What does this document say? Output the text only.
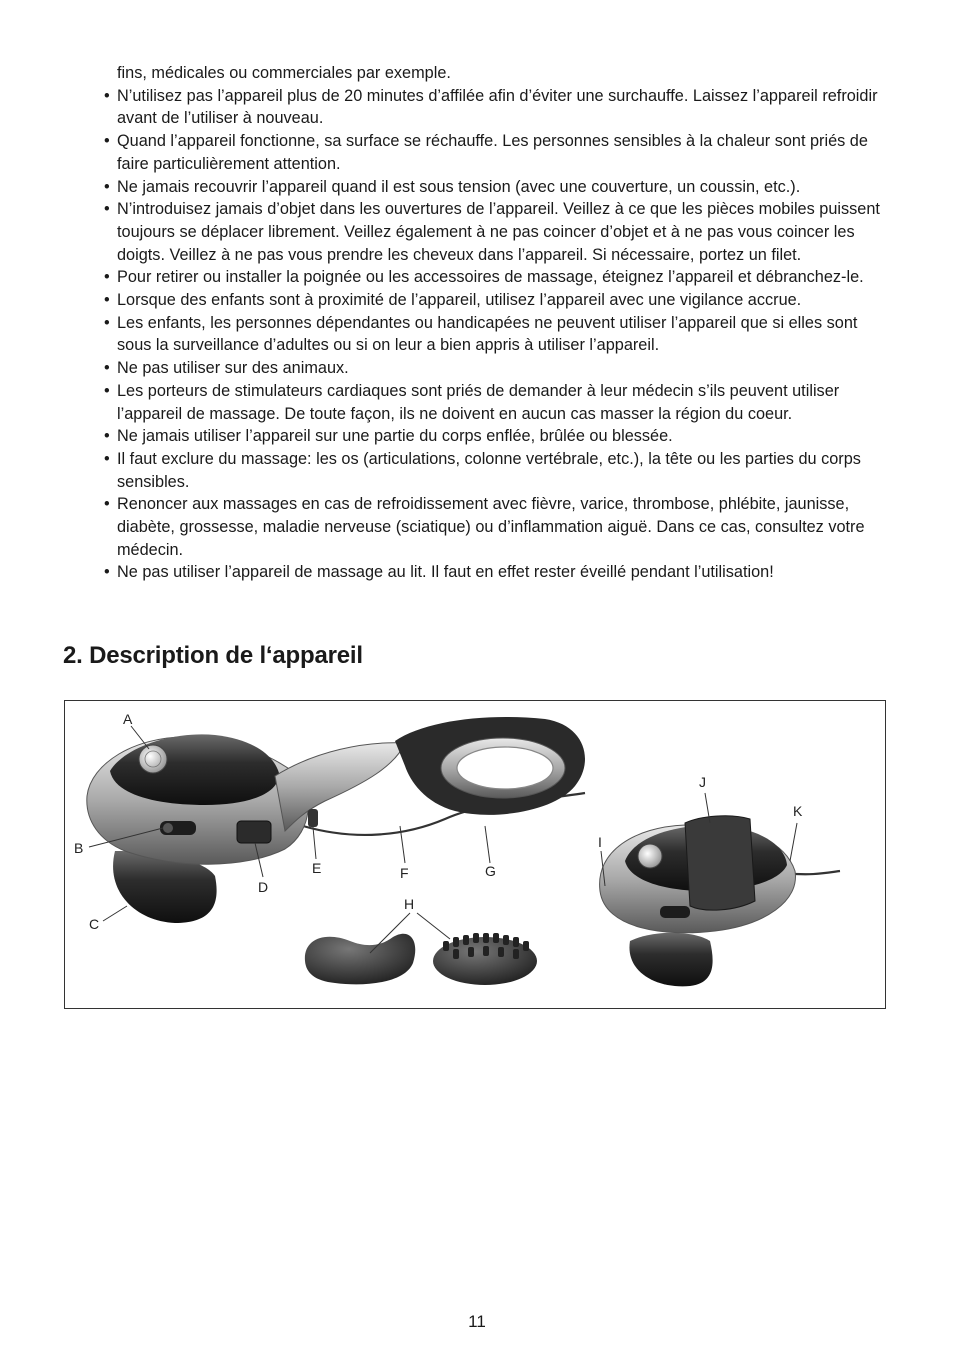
fins, médicales ou commerciales par exemple.
• N’utilisez pas l’appareil plus de 20 minutes d’affilée afin d’éviter une surchauffe. Laissez l’appareil refroidir avant de l’utiliser à nouveau.
• Quand l’appareil fonctionne, sa surface se réchauffe. Les personnes sensibles à la chaleur sont priés de faire particulièrement attention.
• Ne jamais recouvrir l’appareil quand il est sous tension (avec une couverture, un coussin, etc.).
• N’introduisez jamais d’objet dans les ouvertures de l’appareil. Veillez à ce que les pièces mobiles puissent toujours se déplacer librement. Veillez également à ne pas coincer d’objet et à ne pas vous coincer les doigts. Veillez à ne pas vous prendre les cheveux dans l’appareil. Si nécessaire, portez un filet.
• Pour retirer ou installer la poignée ou les accessoires de massage, éteignez l’appareil et débranchez-le.
• Lorsque des enfants sont à proximité de l’appareil, utilisez l’appareil avec une vigilance accrue.
• Les enfants, les personnes dépendantes ou handicapées ne peuvent utiliser l’appareil que si elles sont sous la surveillance d’adultes ou si on leur a bien appris à utiliser l’appareil.
• Ne pas utiliser sur des animaux.
• Les porteurs de stimulateurs cardiaques sont priés de demander à leur médecin s’ils peuvent utiliser l’appareil de massage. De toute façon, ils ne doivent en aucun cas masser la région du coeur.
• Ne jamais utiliser l’appareil sur une partie du corps enflée, brûlée ou blessée.
• Il faut exclure du massage: les os (articulations, colonne vertébrale, etc.), la tête ou les parties du corps sensibles.
• Renoncer aux massages en cas de refroidissement avec fièvre, varice, thrombose, phlébite, jaunisse, diabète, grossesse, maladie nerveuse (sciatique) ou d’inflammation aiguë. Dans ce cas, consultez votre médecin.
• Ne pas utiliser l’appareil de massage au lit. Il faut en effet rester éveillé pendant l’utilisation!
2. Description de l‘appareil
A
B
C
D
E	F	G
H
I
J
K
11
